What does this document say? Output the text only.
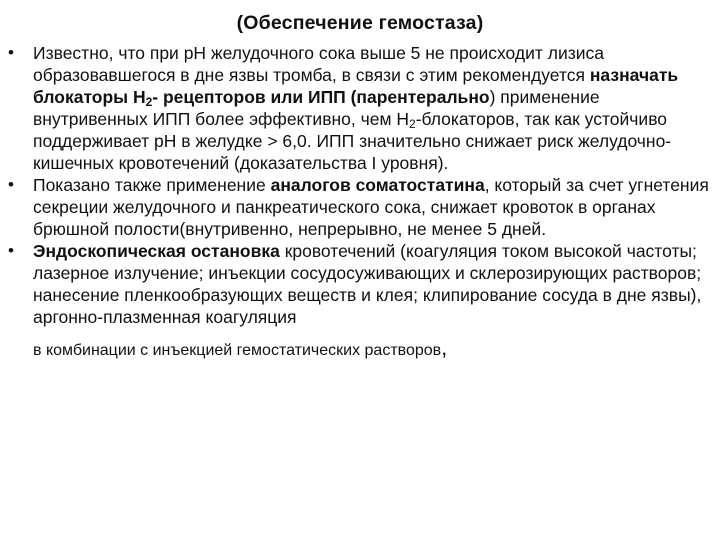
(Обеспечение гемостаза)
• Известно, что при рН желудочного сока выше 5 не происходит лизиса образовавшегося в дне язвы тромба, в связи с этим рекомендуется назначать блокаторы $Н_2-$ рецепторов или ИПП (парентерально) применение внутривенных ИПП более эффективно, чем $Н_2$-блокаторов, так как устойчиво поддерживает рН в желудке > 6,0. ИПП значительно снижает риск желудочно-кишечных кровотечений (доказательства I уровня).
• Показано также применение аналогов соматостатина, который за счет угнетения секреции желудочного и панкреатического сока, снижает кровоток в органах брюшной полости(внутривенно, непрерывно, не менее 5 дней.
• Эндоскопическая остановка кровотечений (коагуляция током высокой частоты; лазерное излучение; инъекции сосудосуживающих и склерозирующих растворов; нанесение пленкообразующих веществ и клея; клипирование сосуда в дне язвы), аргонно-плазменная коагуляция
в комбинации с инъекцией гемостатических растворов,
